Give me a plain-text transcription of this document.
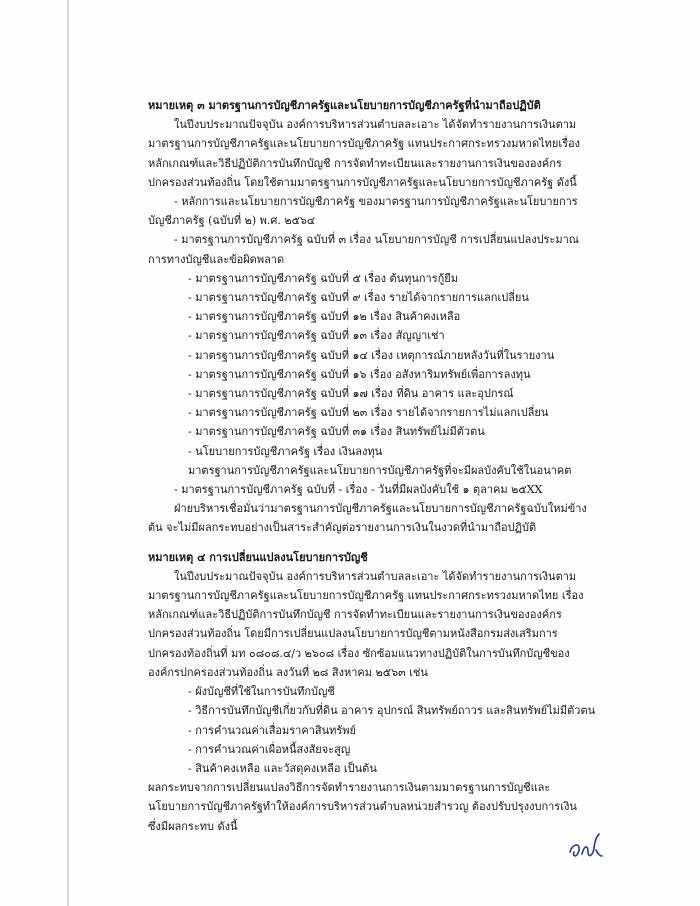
หมายเหตุ ๓ มาตรฐานการบัญชีภาครัฐและนโยบายการบัญชีภาครัฐที่นำมาถือปฏิบัติ

ในปีงบประมาณปัจจุบัน องค์การบริหารส่วนตำบลละเอาะ ได้จัดทำรายงานการเงินตามมาตรฐานการบัญชีภาครัฐและนโยบายการบัญชีภาครัฐ แทนประกาศกระทรวงมหาดไทยเรื่อง หลักเกณฑ์และวิธีปฏิบัติการบันทึกบัญชี การจัดทำทะเบียนและรายงานการเงินขององค์กรปกครองส่วนท้องถิ่น โดยใช้ตามมาตรฐานการบัญชีภาครัฐและนโยบายการบัญชีภาครัฐ ดังนี้

- หลักการและนโยบายการบัญชีภาครัฐ ของมาตรฐานการบัญชีภาครัฐและนโยบายการบัญชีภาครัฐ (ฉบับที่ ๒) พ.ศ. ๒๕๖๔

- มาตรฐานการบัญชีภาครัฐ ฉบับที่ ๓ เรื่อง นโยบายการบัญชี การเปลี่ยนแปลงประมาณการทางบัญชีและข้อผิดพลาด

- มาตรฐานการบัญชีภาครัฐ ฉบับที่ ๕ เรื่อง ต้นทุนการกู้ยืม

- มาตรฐานการบัญชีภาครัฐ ฉบับที่ ๙ เรื่อง รายได้จากรายการแลกเปลี่ยน

- มาตรฐานการบัญชีภาครัฐ ฉบับที่ ๑๒ เรื่อง สินค้าคงเหลือ

- มาตรฐานการบัญชีภาครัฐ ฉบับที่ ๑๓ เรื่อง สัญญาเช่า

- มาตรฐานการบัญชีภาครัฐ ฉบับที่ ๑๔ เรื่อง เหตุการณ์ภายหลังวันที่ในรายงาน

- มาตรฐานการบัญชีภาครัฐ ฉบับที่ ๑๖ เรื่อง อสังหาริมทรัพย์เพื่อการลงทุน

- มาตรฐานการบัญชีภาครัฐ ฉบับที่ ๑๗ เรื่อง ที่ดิน อาคาร และอุปกรณ์

- มาตรฐานการบัญชีภาครัฐ ฉบับที่ ๒๓ เรื่อง รายได้จากรายการไม่แลกเปลี่ยน

- มาตรฐานการบัญชีภาครัฐ ฉบับที่ ๓๑ เรื่อง สินทรัพย์ไม่มีตัวตน

- นโยบายการบัญชีภาครัฐ เรื่อง เงินลงทุน

มาตรฐานการบัญชีภาครัฐและนโยบายการบัญชีภาครัฐที่จะมีผลบังคับใช้ในอนาคต

- มาตรฐานการบัญชีภาครัฐ ฉบับที่ - เรื่อง - วันที่มีผลบังคับใช้ ๑ ตุลาคม ๒๕XX

ฝ่ายบริหารเชื่อมั่นว่ามาตรฐานการบัญชีภาครัฐและนโยบายการบัญชีภาครัฐฉบับใหม่ข้างต้น จะไม่มีผลกระทบอย่างเป็นสาระสำคัญต่อรายงานการเงินในงวดที่นำมาถือปฏิบัติ

หมายเหตุ ๔ การเปลี่ยนแปลงนโยบายการบัญชี

ในปีงบประมาณปัจจุบัน องค์การบริหารส่วนตำบลละเอาะ ได้จัดทำรายงานการเงินตามมาตรฐานการบัญชีภาครัฐและนโยบายการบัญชีภาครัฐ แทนประกาศกระทรวงมหาดไทย เรื่อง หลักเกณฑ์และวิธีปฏิบัติการบันทึกบัญชี การจัดทำทะเบียนและรายงานการเงินขององค์กรปกครองส่วนท้องถิ่น โดยมีการเปลี่ยนแปลงนโยบายการบัญชีตามหนังสือกรมส่งเสริมการปกครองท้องถิ่นที่ มท ๐๘๐๘.๔/ว ๒๖๐๘ เรื่อง ซักซ้อมแนวทางปฏิบัติในการบันทึกบัญชีขององค์กรปกครองส่วนท้องถิ่น ลงวันที่ ๒๘ สิงหาคม ๒๕๖๓ เช่น

- ผังบัญชีที่ใช้ในการบันทึกบัญชี

- วิธีการบันทึกบัญชีเกี่ยวกับที่ดิน อาคาร อุปกรณ์ สินทรัพย์ถาวร และสินทรัพย์ไม่มีตัวตน

- การคำนวณค่าเสื่อมราคาสินทรัพย์

- การคำนวณค่าเผื่อหนี้สงสัยจะสูญ

- สินค้าคงเหลือ และวัสดุคงเหลือ เป็นต้น

ผลกระทบจากการเปลี่ยนแปลงวิธีการจัดทำรายงานการเงินตามมาตรฐานการบัญชีและนโยบายการบัญชีภาครัฐทำให้องค์การบริหารส่วนตำบลหน่วยสำรวญ ต้องปรับปรุงงบการเงิน ซึ่งมีผลกระทบ ดังนี้
